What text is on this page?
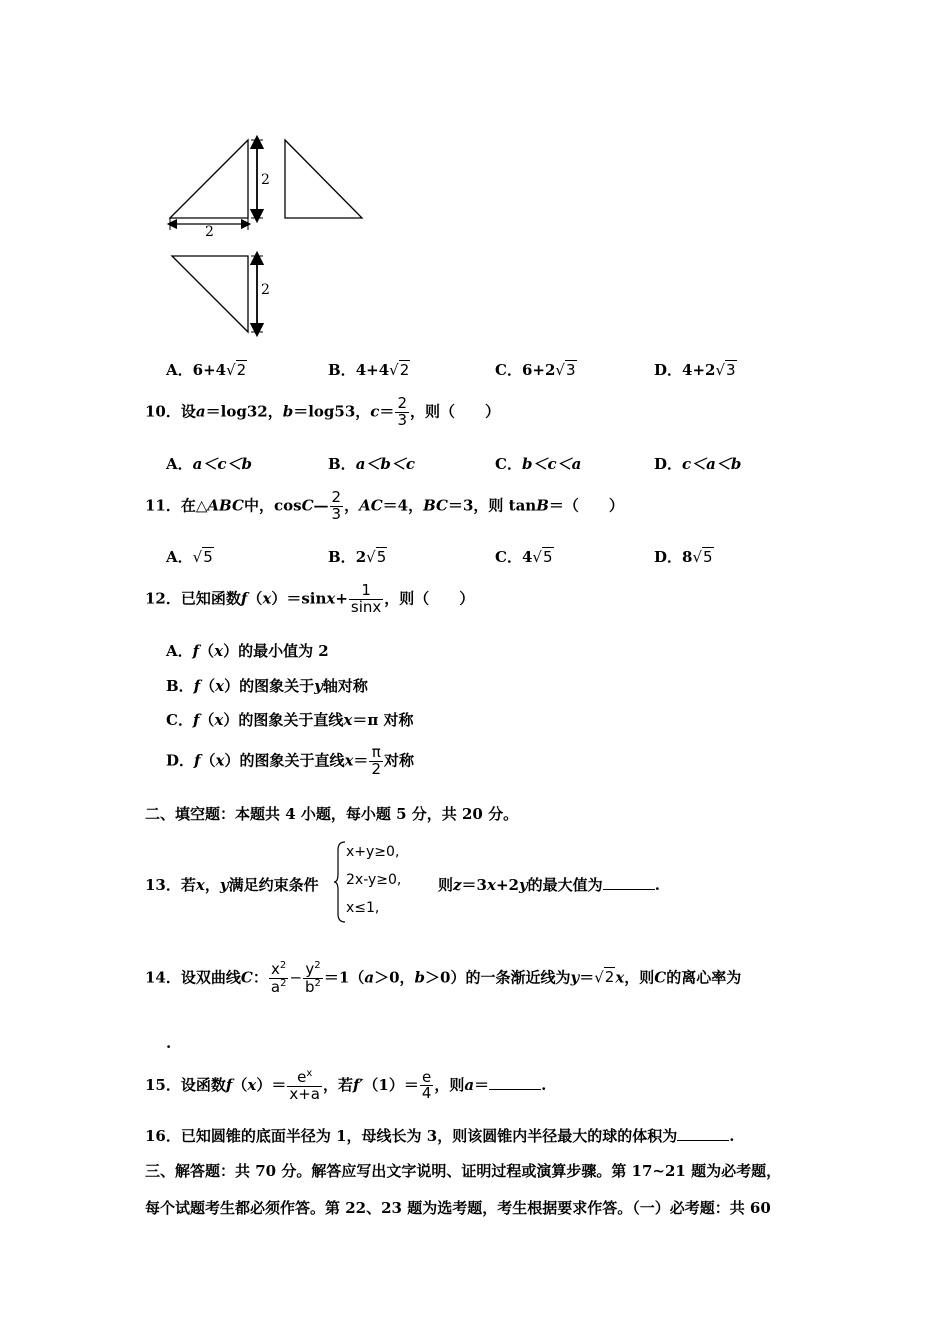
2
2
2
A．6+4√2	B．4+4√2	C．6+2√3	D．4+2√3
10．设a＝log32，b＝log53，$c= \frac{2}{3}$ ，则（　　）
A．a＜c＜b	B．a＜b＜c	C．b＜c＜a	D．c＜a＜b
11．在△ABC中，cosC— $\frac{2}{3}$ ，AC＝4，BC＝3，则 tanB＝（　　）
A．√5	B．2√5	C．4√5	D．8√5
12．已知函数$f(x)=\sin x+ \frac{1}{\sin x}$ ，则（　　）
A．f（x）的最小值为 2
B．f（x）的图象关于y轴对称
C．f（x）的图象关于直线x＝π 对称
D．f（x）的图象关于直线$x= \frac{\pi}{2}$ 对称
二、填空题：本题共 4 小题，每小题 5 分，共 20 分。
13．若x，y满足约束条件
x+y≥0,
2x-y≥0,
x≤1,
则z＝3x+2y的最大值为	.
14．设双曲线C： $\frac{x^2}{a^2} - \frac{y^2}{b^2} =1(a>0$，b＞0）的一条渐近线为y＝√2x，则C的离心率为
.
15．设函数$f(x)= \frac{e^x}{x+a}$ ，若$f'(1)= \frac{e}{4}$ ，则a＝	.
16．已知圆锥的底面半径为 1，母线长为 3，则该圆锥内半径最大的球的体积为	.
三、解答题：共 70 分。解答应写出文字说明、证明过程或演算步骤。第 17~21 题为必考题，
每个试题考生都必须作答。第 22、23 题为选考题，考生根据要求作答。（一）必考题：共 60
